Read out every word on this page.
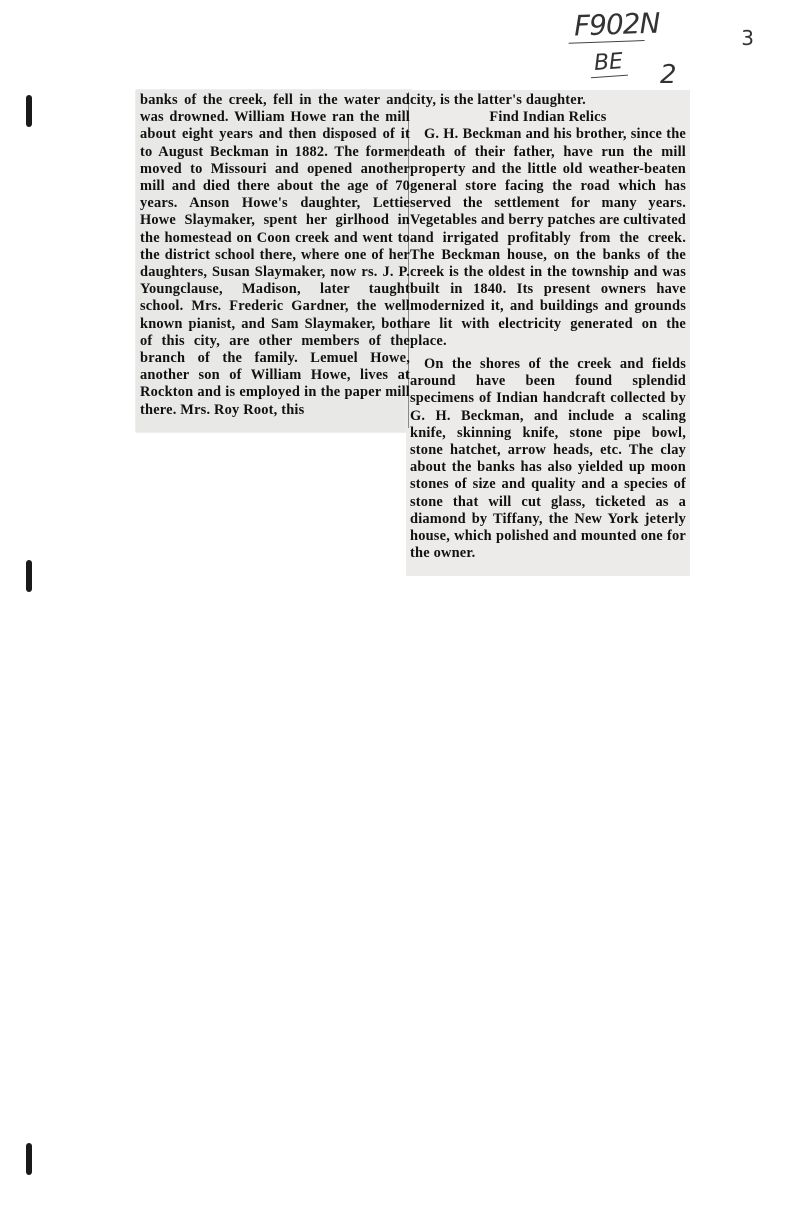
F902N
BE 2
3

banks of the creek, fell in the water and was drowned. William Howe ran the mill about eight years and then disposed of it to August Beckman in 1882. The former moved to Missouri and opened another mill and died there about the age of 70 years. Anson Howe's daughter, Lettie Howe Slaymaker, spent her girlhood in the homestead on Coon creek and went to the district school there, where one of her daughters, Susan Slaymaker, now rs. J. P. Youngclause, Madison, later taught school. Mrs. Frederic Gardner, the well known pianist, and Sam Slaymaker, both of this city, are other members of the branch of the family. Lemuel Howe, another son of William Howe, lives at Rockton and is employed in the paper mill there. Mrs. Roy Root, this

city, is the latter's daughter.

Find Indian Relics

G. H. Beckman and his brother, since the death of their father, have run the mill property and the little old weather-beaten general store facing the road which has served the settlement for many years. Vegetables and berry patches are cultivated and irrigated profitably from the creek. The Beckman house, on the banks of the creek is the oldest in the township and was built in 1840. Its present owners have modernized it, and buildings and grounds are lit with electricity generated on the place.

On the shores of the creek and fields around have been found splendid specimens of Indian handcraft collected by G. H. Beckman, and include a scaling knife, skinning knife, stone pipe bowl, stone hatchet, arrow heads, etc. The clay about the banks has also yielded up moon stones of size and quality and a species of stone that will cut glass, ticketed as a diamond by Tiffany, the New York jeterly house, which polished and mounted one for the owner.
